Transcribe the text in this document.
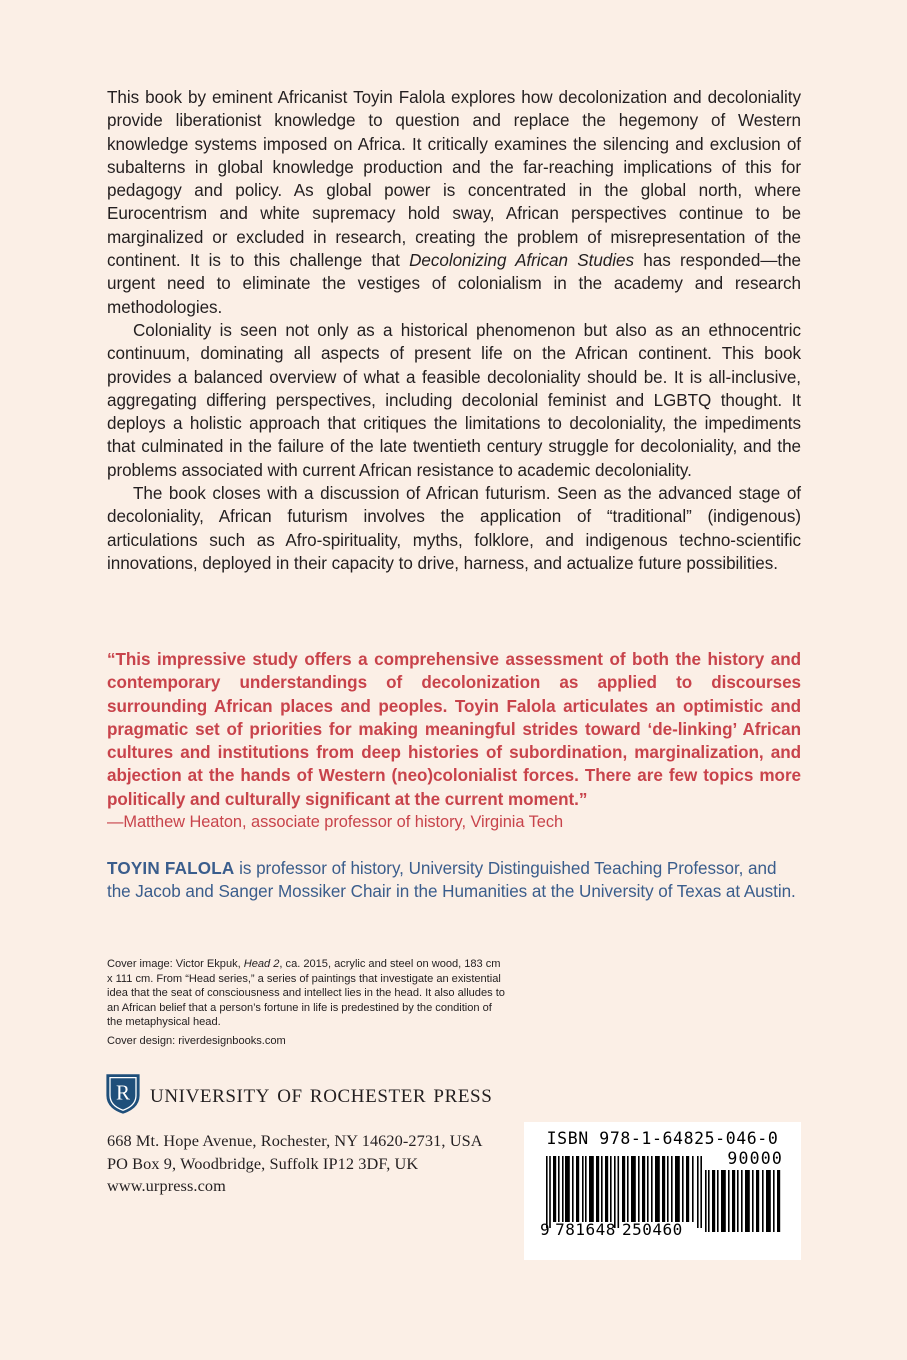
This book by eminent Africanist Toyin Falola explores how decolonization and decoloniality provide liberationist knowledge to question and replace the hegemony of Western knowledge systems imposed on Africa. It critically examines the silencing and exclusion of subalterns in global knowledge production and the far-reaching implications of this for pedagogy and policy. As global power is concentrated in the global north, where Eurocentrism and white supremacy hold sway, African perspectives continue to be marginalized or excluded in research, creating the problem of misrepresentation of the continent. It is to this challenge that Decolonizing African Studies has responded—the urgent need to eliminate the vestiges of colonialism in the academy and research methodologies.

Coloniality is seen not only as a historical phenomenon but also as an ethnocentric continuum, dominating all aspects of present life on the African continent. This book provides a balanced overview of what a feasible decoloniality should be. It is all-inclusive, aggregating differing perspectives, including decolonial feminist and LGBTQ thought. It deploys a holistic approach that critiques the limitations to decoloniality, the impediments that culminated in the failure of the late twentieth century struggle for decoloniality, and the problems associated with current African resistance to academic decoloniality.

The book closes with a discussion of African futurism. Seen as the advanced stage of decoloniality, African futurism involves the application of “traditional” (indigenous) articulations such as Afro-spirituality, myths, folklore, and indigenous techno-scientific innovations, deployed in their capacity to drive, harness, and actualize future possibilities.

“This impressive study offers a comprehensive assessment of both the history and contemporary understandings of decolonization as applied to discourses surrounding African places and peoples. Toyin Falola articulates an optimistic and pragmatic set of priorities for making meaningful strides toward ‘de-linking’ African cultures and institutions from deep histories of subordination, marginalization, and abjection at the hands of Western (neo)colonialist forces. There are few topics more politically and culturally significant at the current moment.”

—Matthew Heaton, associate professor of history, Virginia Tech

TOYIN FALOLA is professor of history, University Distinguished Teaching Professor, and the Jacob and Sanger Mossiker Chair in the Humanities at the University of Texas at Austin.

Cover image: Victor Ekpuk, Head 2, ca. 2015, acrylic and steel on wood, 183 cm x 111 cm. From “Head series,” a series of paintings that investigate an existential idea that the seat of consciousness and intellect lies in the head. It also alludes to an African belief that a person’s fortune in life is predestined by the condition of the metaphysical head.

Cover design: riverdesignbooks.com

R university of rochester press

668 Mt. Hope Avenue, Rochester, NY 14620-2731, USA

PO Box 9, Woodbridge, Suffolk IP12 3DF, UK

www.urpress.com

ISBN 978-1-64825-046-0
90000
9 781648 250460
